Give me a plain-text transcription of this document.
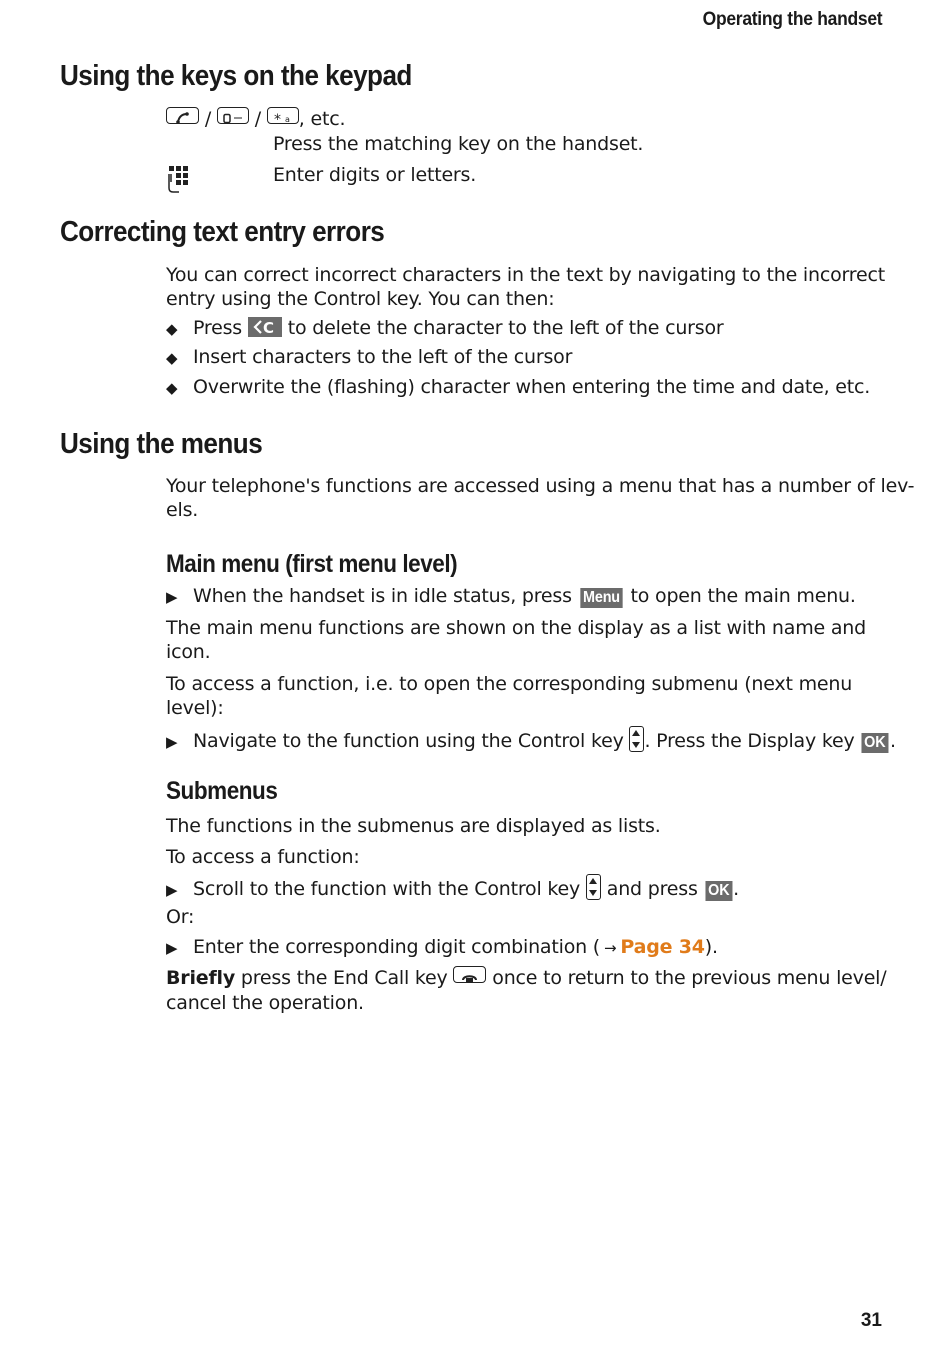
Operating the handset
Using the keys on the keypad
/ / * a , etc.
Press the matching key on the handset.
Enter digits or letters.
Correcting text entry errors
You can correct incorrect characters in the text by navigating to the incorrect
entry using the Control key. You can then:
◆ Press C to delete the character to the left of the cursor
◆ Insert characters to the left of the cursor
◆ Overwrite the (flashing) character when entering the time and date, etc.
Using the menus
Your telephone's functions are accessed using a menu that has a number of lev-
els.
Main menu (first menu level)
▶ When the handset is in idle status, press Menu to open the main menu.
The main menu functions are shown on the display as a list with name and
icon.
To access a function, i.e. to open the corresponding submenu (next menu
level):
▶ Navigate to the function using the Control key . Press the Display key OK .
Submenus
The functions in the submenus are displayed as lists.
To access a function:
▶ Scroll to the function with the Control key and press OK .
Or:
▶ Enter the corresponding digit combination ( → Page 34).
Briefly press the End Call key once to return to the previous menu level/
cancel the operation.
31
